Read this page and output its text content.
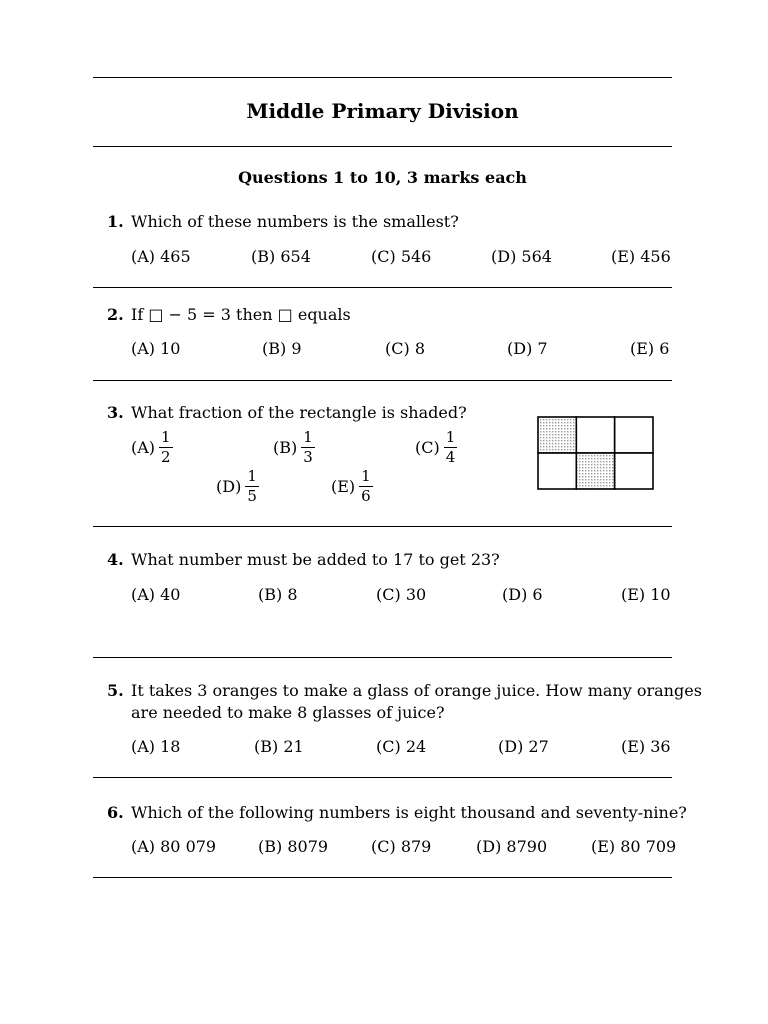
Middle Primary Division
Questions 1 to 10, 3 marks each
1. Which of these numbers is the smallest?
(A) 465	(B) 654	(C) 546	(D) 564	(E) 456
2. If □ − 5 = 3 then □ equals
(A) 10	(B) 9	(C) 8	(D) 7	(E) 6
3. What fraction of the rectangle is shaded?
$(A) \frac{1}{2}$	$(B) \frac{1}{3}$	$(C) \frac{1}{4}$
$(D) \frac{1}{5}$	$(E) \frac{1}{6}$
4. What number must be added to 17 to get 23?
(A) 40	(B) 8	(C) 30	(D) 6	(E) 10
5. It takes 3 oranges to make a glass of orange juice. How many oranges
are needed to make 8 glasses of juice?
(A) 18	(B) 21	(C) 24	(D) 27	(E) 36
6. Which of the following numbers is eight thousand and seventy-nine?
(A) 80 079	(B) 8079	(C) 879	(D) 8790	(E) 80 709
